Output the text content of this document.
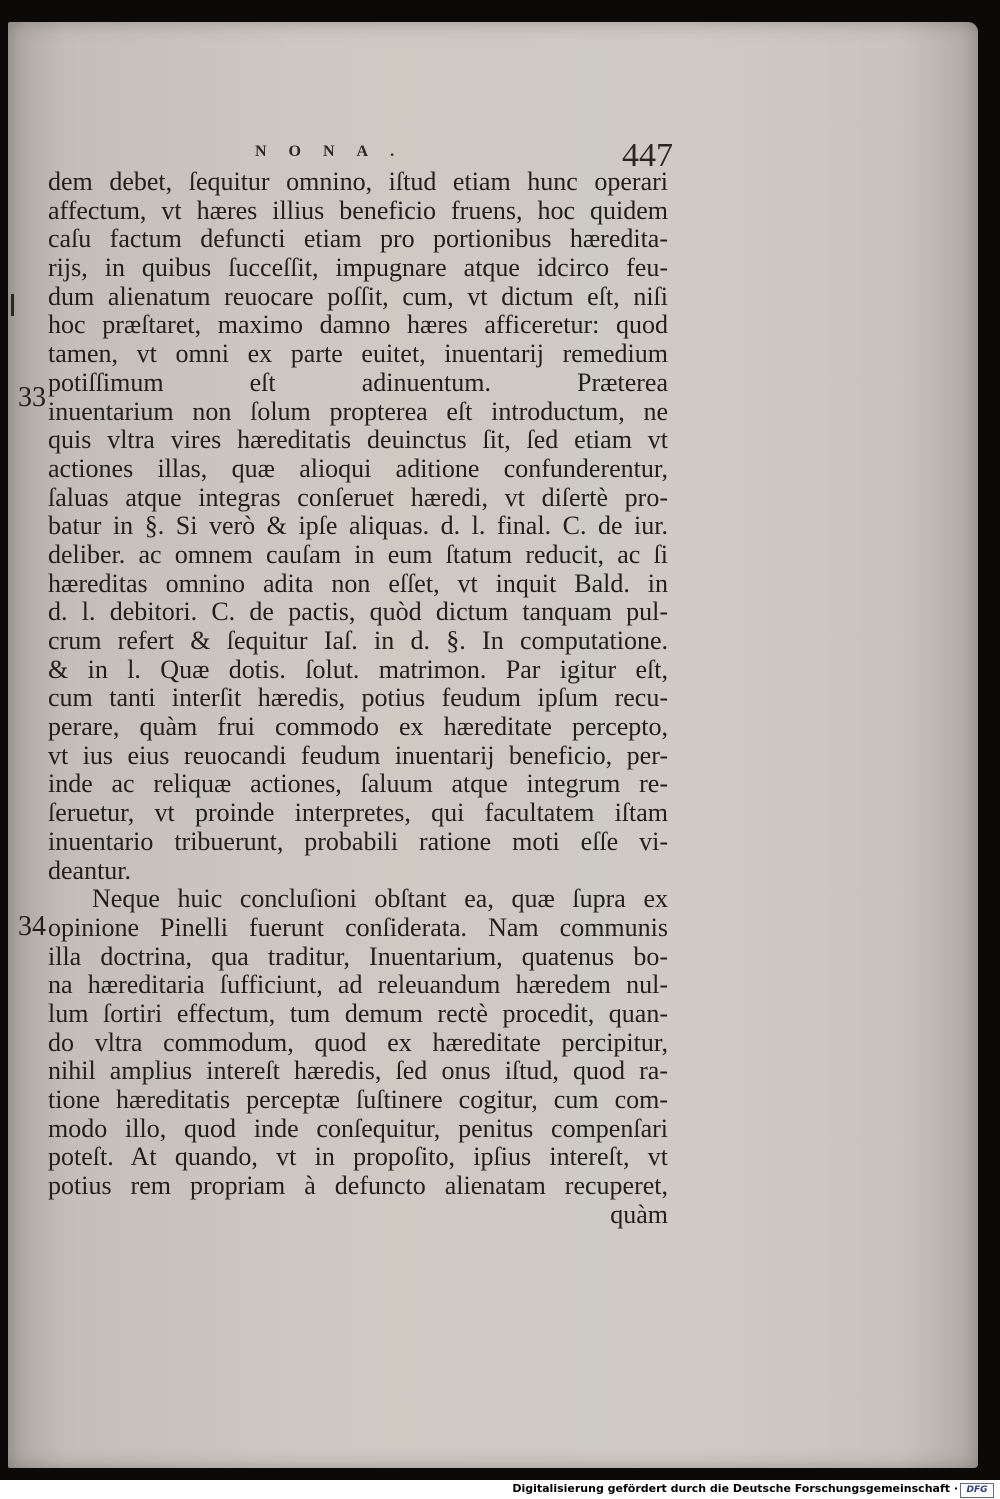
NONA.	447
33
34
dem debet, ſequitur omnino, iſtud etiam hunc operari
affectum, vt hæres illius beneficio fruens, hoc quidem
caſu factum defuncti etiam pro portionibus hæredita-
rijs, in quibus ſucceſſit, impugnare atque idcirco feu-
dum alienatum reuocare poſſit, cum, vt dictum eſt, niſi
hoc præſtaret, maximo damno hæres afficeretur: quod
tamen, vt omni ex parte euitet, inuentarij remedium
potiſſimum eſt adinuentum. Præterea
inuentarium non ſolum propterea eſt introductum, ne
quis vltra vires hæreditatis deuinctus ſit, ſed etiam vt
actiones illas, quæ alioqui aditione confunderentur,
ſaluas atque integras conſeruet hæredi, vt diſertè pro-
batur in §. Si verò & ipſe aliquas. d. l. final. C. de iur.
deliber. ac omnem cauſam in eum ſtatum reducit, ac ſi
hæreditas omnino adita non eſſet, vt inquit Bald. in
d. l. debitori. C. de pactis, quòd dictum tanquam pul-
crum refert & ſequitur Iaſ. in d. §. In computatione.
& in l. Quæ dotis. ſolut. matrimon. Par igitur eſt,
cum tanti interſit hæredis, potius feudum ipſum recu-
perare, quàm frui commodo ex hæreditate percepto,
vt ius eius reuocandi feudum inuentarij beneficio, per-
inde ac reliquæ actiones, ſaluum atque integrum re-
ſeruetur, vt proinde interpretes, qui facultatem iſtam
inuentario tribuerunt, probabili ratione moti eſſe vi-
deantur.
Neque huic concluſioni obſtant ea, quæ ſupra ex
opinione Pinelli fuerunt conſiderata. Nam communis
illa doctrina, qua traditur, Inuentarium, quatenus bo-
na hæreditaria ſufficiunt, ad releuandum hæredem nul-
lum ſortiri effectum, tum demum rectè procedit, quan-
do vltra commodum, quod ex hæreditate percipitur,
nihil amplius intereſt hæredis, ſed onus iſtud, quod ra-
tione hæreditatis perceptæ ſuſtinere cogitur, cum com-
modo illo, quod inde conſequitur, penitus compenſari
poteſt. At quando, vt in propoſito, ipſius intereſt, vt
potius rem propriam à defuncto alienatam recuperet,
quàm
Digitalisierung gefördert durch die Deutsche Forschungsgemeinschaft · DFG
